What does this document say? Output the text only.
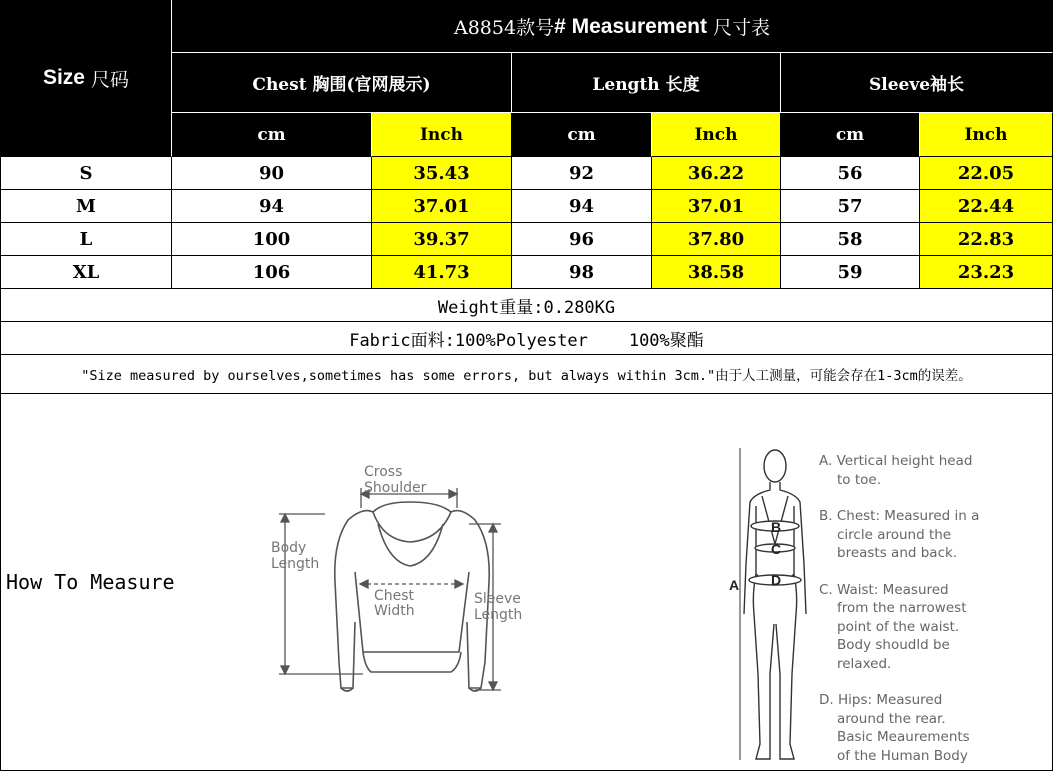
Size 尺码
A8854款号 # Measurement 尺寸表
Chest 胸围(官网展示)	Length 长度	Sleeve袖长
cm	Inch	cm	Inch	cm	Inch
S	90	35.43	92	36.22	56	22.05
M	94	37.01	94	37.01	57	22.44
L	100	39.37	96	37.80	58	22.83
XL	106	41.73	98	38.58	59	23.23
Weight重量:0.280KG
Fabric面料:100%Polyester    100%聚酯
"Size measured by ourselves,sometimes has some errors, but always within 3cm."由于人工测量，可能会存在1-3cm的误差。
How To Measure
Cross
Shoulder
Body
Length
Chest
Width
Sleeve
Length
B
C
D
A

A. Vertical height head
to toe.

B. Chest: Measured in a
circle around the
breasts and back.

C. Waist: Measured
from the narrowest
point of the waist.
Body shoudld be
relaxed.

D. Hips: Measured
around the rear.
Basic Meaurements
of the Human Body
